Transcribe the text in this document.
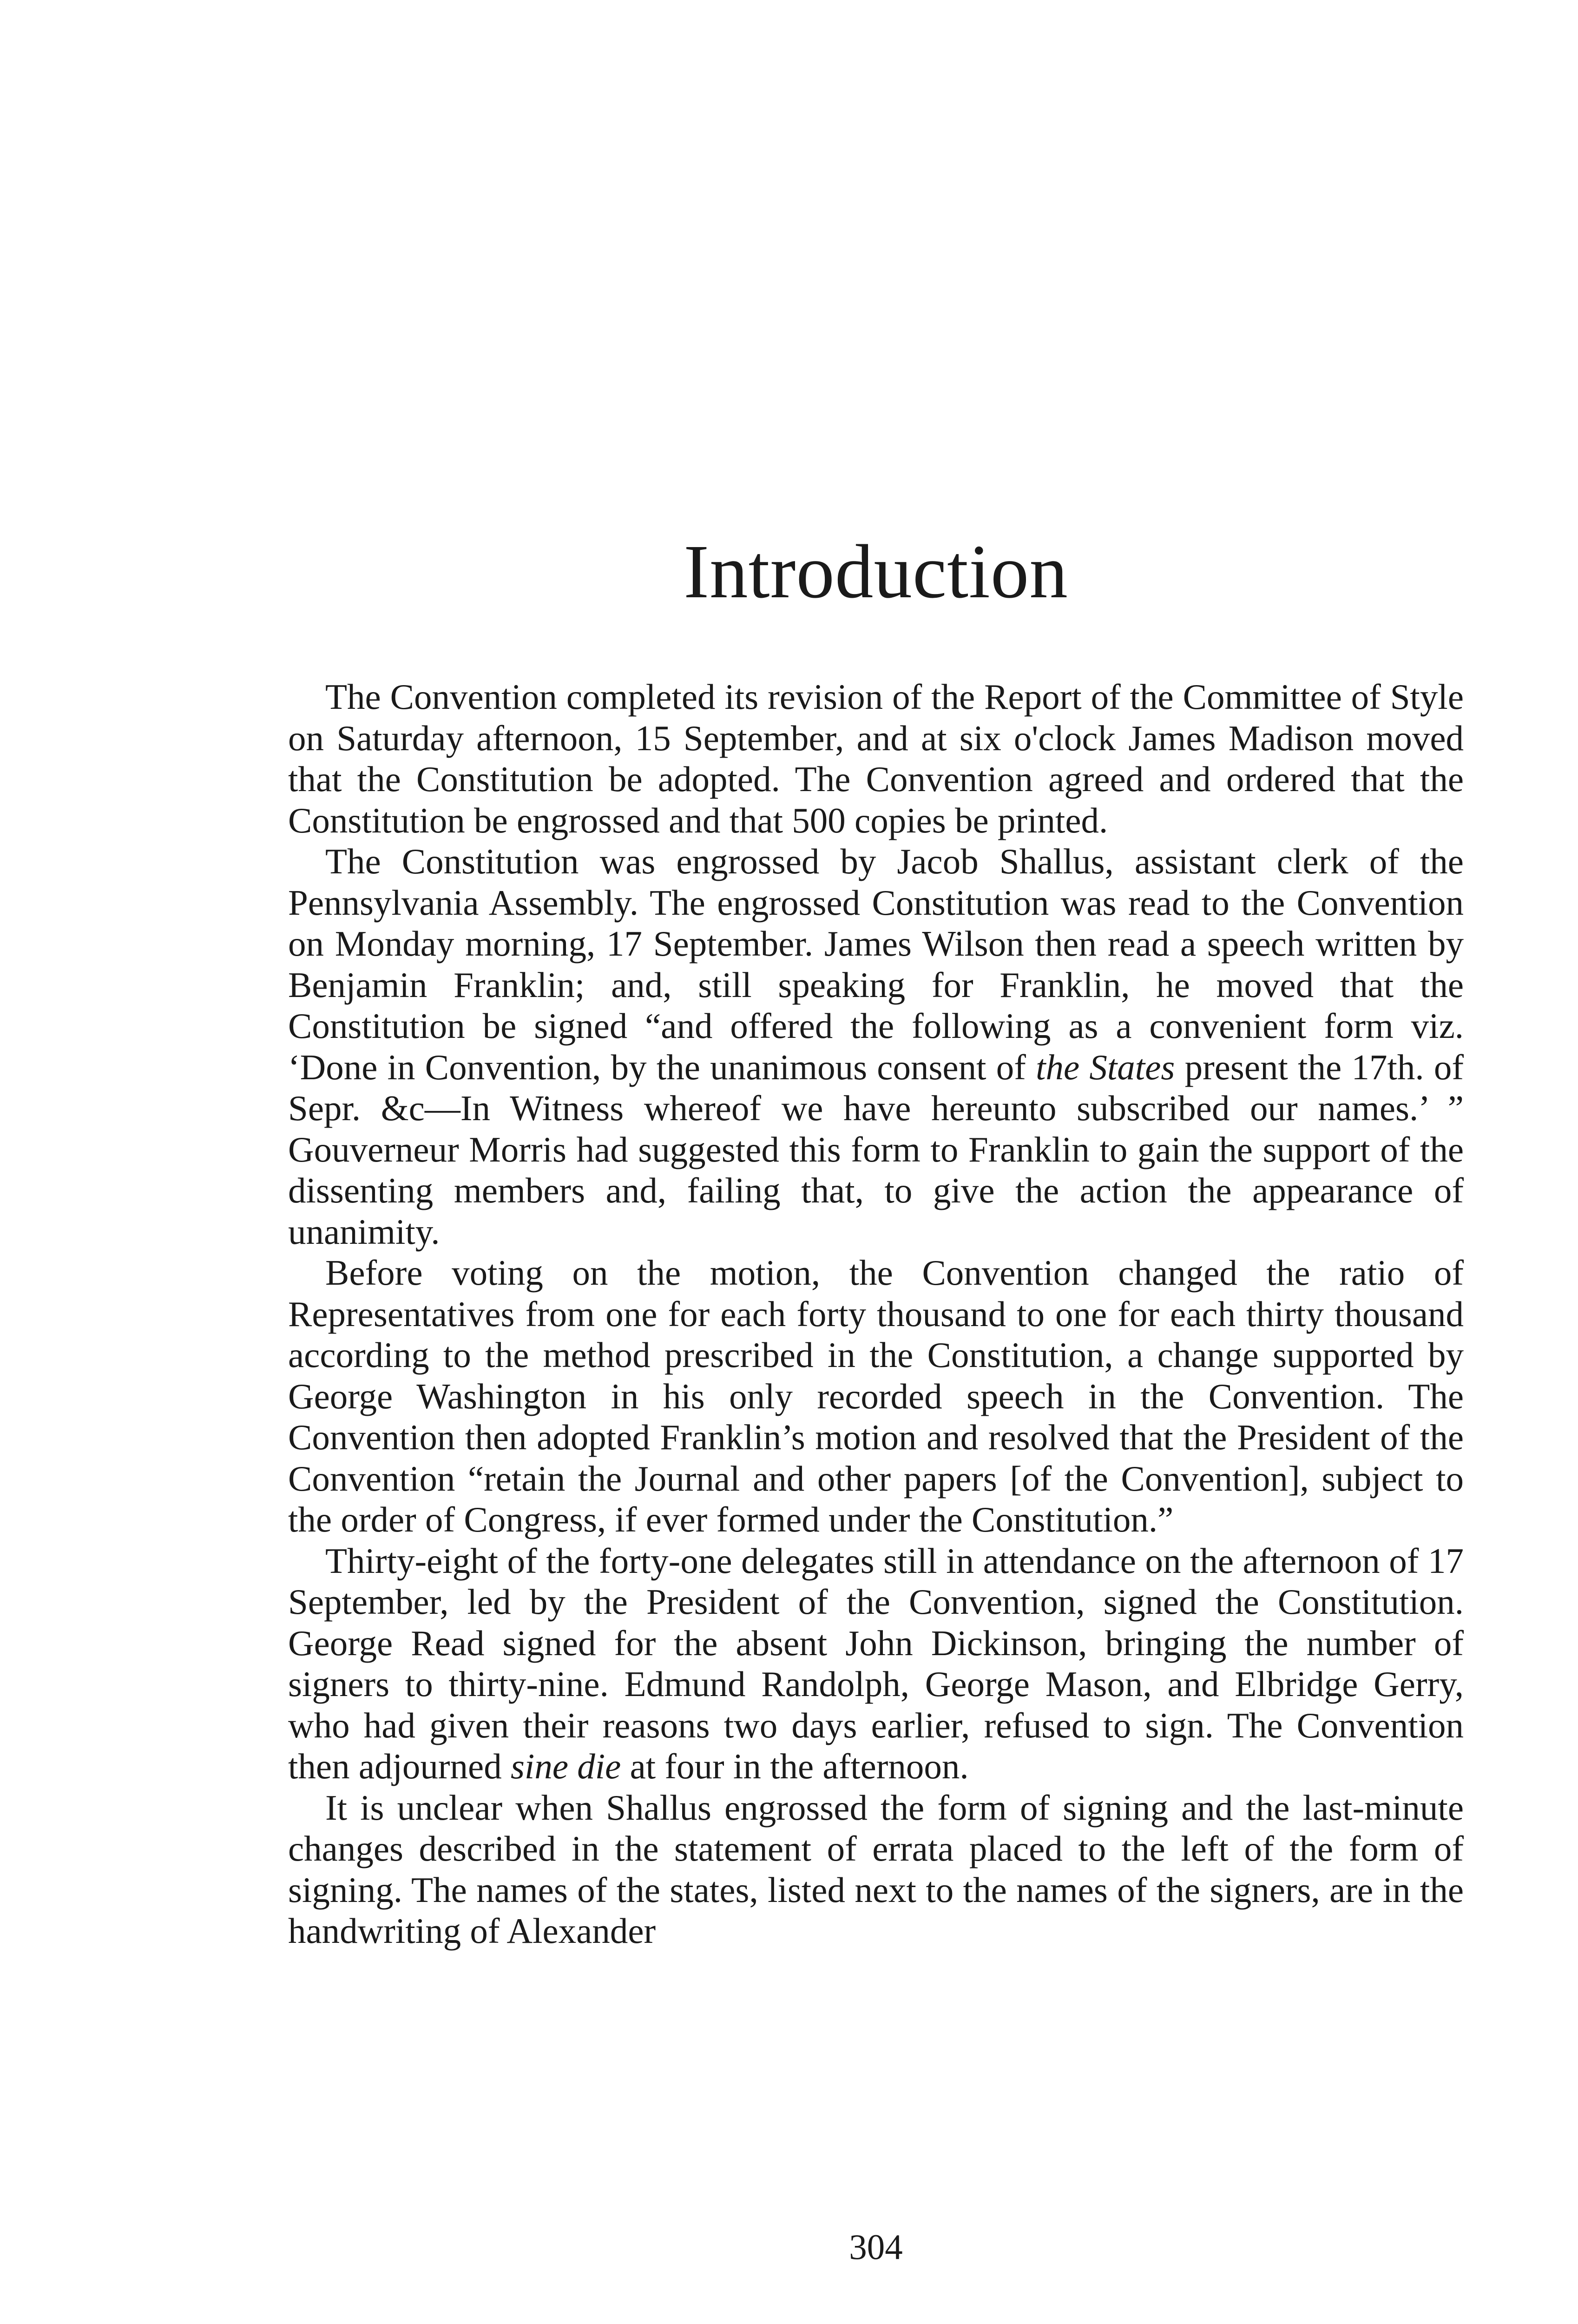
Introduction

The Convention completed its revision of the Report of the Committee of Style on Saturday afternoon, 15 September, and at six o'clock James Madison moved that the Constitution be adopted. The Convention agreed and ordered that the Constitution be engrossed and that 500 copies be printed.

The Constitution was engrossed by Jacob Shallus, assistant clerk of the Pennsylvania Assembly. The engrossed Constitution was read to the Convention on Monday morning, 17 September. James Wilson then read a speech written by Benjamin Franklin; and, still speaking for Franklin, he moved that the Constitution be signed “and offered the following as a convenient form viz. ‘Done in Convention, by the unanimous consent of the States present the 17th. of Sepr. &c—In Witness whereof we have hereunto subscribed our names.’ ” Gouverneur Morris had suggested this form to Franklin to gain the support of the dissenting members and, failing that, to give the action the appearance of unanimity.

Before voting on the motion, the Convention changed the ratio of Representatives from one for each forty thousand to one for each thirty thousand according to the method prescribed in the Constitution, a change supported by George Washington in his only recorded speech in the Convention. The Convention then adopted Franklin’s motion and resolved that the President of the Convention “retain the Journal and other papers [of the Convention], subject to the order of Congress, if ever formed under the Constitution.”

Thirty-eight of the forty-one delegates still in attendance on the afternoon of 17 September, led by the President of the Convention, signed the Constitution. George Read signed for the absent John Dickinson, bringing the number of signers to thirty-nine. Edmund Randolph, George Mason, and Elbridge Gerry, who had given their reasons two days earlier, refused to sign. The Convention then adjourned sine die at four in the afternoon.

It is unclear when Shallus engrossed the form of signing and the last-minute changes described in the statement of errata placed to the left of the form of signing. The names of the states, listed next to the names of the signers, are in the handwriting of Alexander

304
